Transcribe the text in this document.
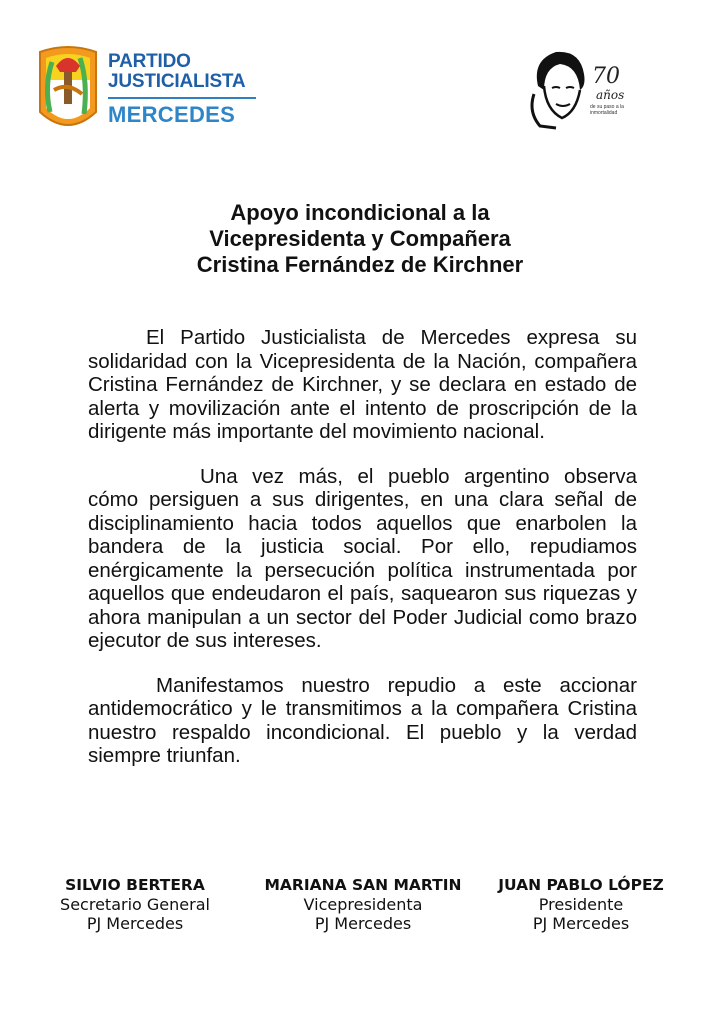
PARTIDO
JUSTICIALISTA
MERCEDES
70
años
de su paso a la inmortalidad
Apoyo incondicional a la
Vicepresidenta y Compañera
Cristina Fernández de Kirchner

El Partido Justicialista de Mercedes expresa su solidaridad con la Vicepresidenta de la Nación, compañera Cristina Fernández de Kirchner, y se declara en estado de alerta y movilización ante el intento de proscripción de la dirigente más importante del movimiento nacional.

Una vez más, el pueblo argentino observa cómo persiguen a sus dirigentes, en una clara señal de disciplinamiento hacia todos aquellos que enarbolen la bandera de la justicia social. Por ello, repudiamos enérgicamente la persecución política instrumentada por aquellos que endeudaron el país, saquearon sus riquezas y ahora manipulan a un sector del Poder Judicial como brazo ejecutor de sus intereses.

Manifestamos nuestro repudio a este accionar antidemocrático y le transmitimos a la compañera Cristina nuestro respaldo incondicional. El pueblo y la verdad siempre triunfan.

SILVIO BERTERA
Secretario General
PJ Mercedes
MARIANA SAN MARTIN
Vicepresidenta
PJ Mercedes
JUAN PABLO LÓPEZ
Presidente
PJ Mercedes
